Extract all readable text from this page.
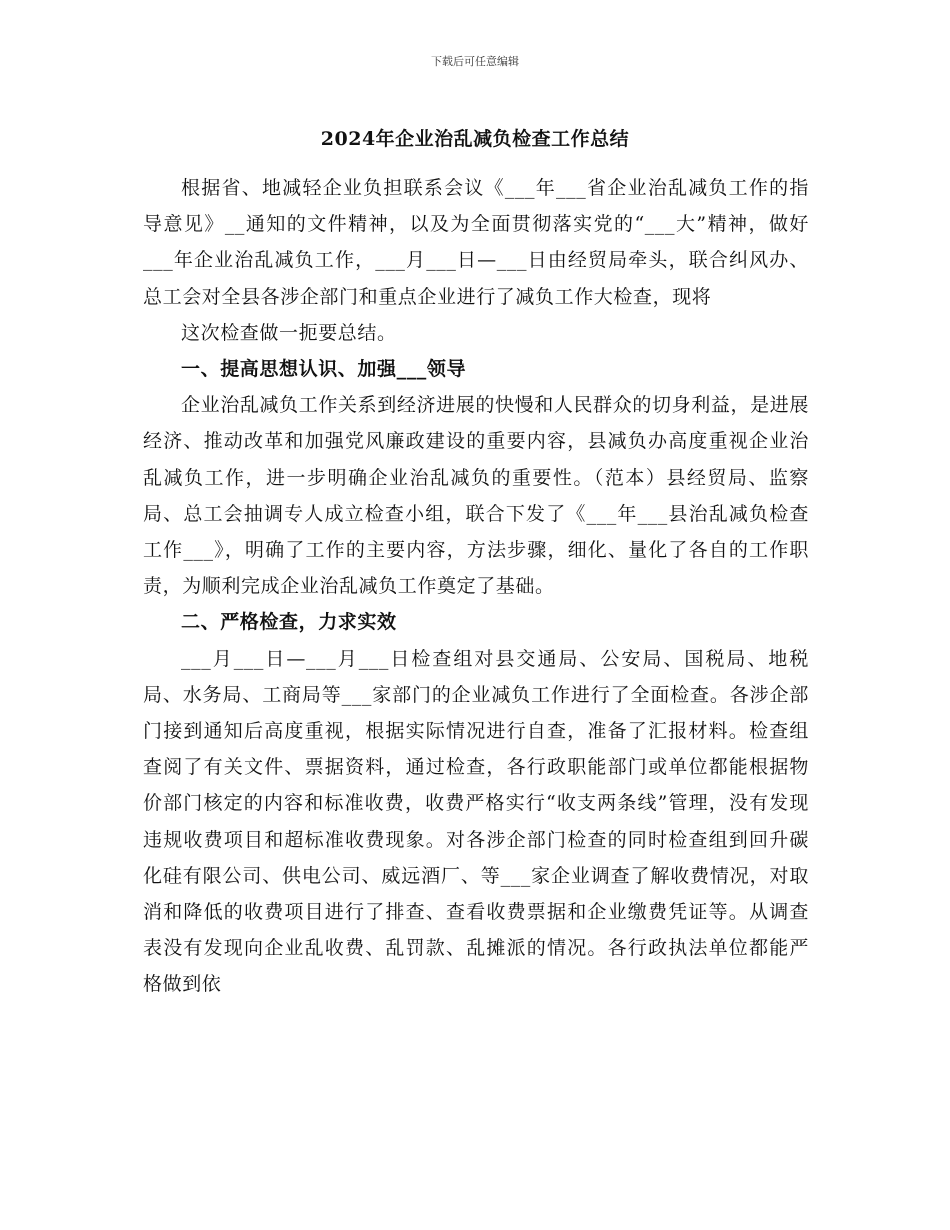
下载后可任意编辑
2024年企业治乱减负检查工作总结

根据省、地减轻企业负担联系会议《___年___省企业治乱减负工作的指导意见》__通知的文件精神，以及为全面贯彻落实党的“___大”精神，做好___年企业治乱减负工作，___月___日—___日由经贸局牵头，联合纠风办、总工会对全县各涉企部门和重点企业进行了减负工作大检查，现将

这次检查做一扼要总结。

一、提高思想认识、加强___领导

企业治乱减负工作关系到经济进展的快慢和人民群众的切身利益，是进展经济、推动改革和加强党风廉政建设的重要内容，县减负办高度重视企业治乱减负工作，进一步明确企业治乱减负的重要性。（范本）县经贸局、监察局、总工会抽调专人成立检查小组，联合下发了《___年___县治乱减负检查工作___》，明确了工作的主要内容，方法步骤，细化、量化了各自的工作职责，为顺利完成企业治乱减负工作奠定了基础。

二、严格检查，力求实效

___月___日—___月___日检查组对县交通局、公安局、国税局、地税局、水务局、工商局等___家部门的企业减负工作进行了全面检查。各涉企部门接到通知后高度重视，根据实际情况进行自查，准备了汇报材料。检查组查阅了有关文件、票据资料，通过检查，各行政职能部门或单位都能根据物价部门核定的内容和标准收费，收费严格实行“收支两条线”管理，没有发现违规收费项目和超标准收费现象。对各涉企部门检查的同时检查组到回升碳化硅有限公司、供电公司、威远酒厂、等___家企业调查了解收费情况，对取消和降低的收费项目进行了排查、查看收费票据和企业缴费凭证等。从调查表没有发现向企业乱收费、乱罚款、乱摊派的情况。各行政执法单位都能严格做到依
